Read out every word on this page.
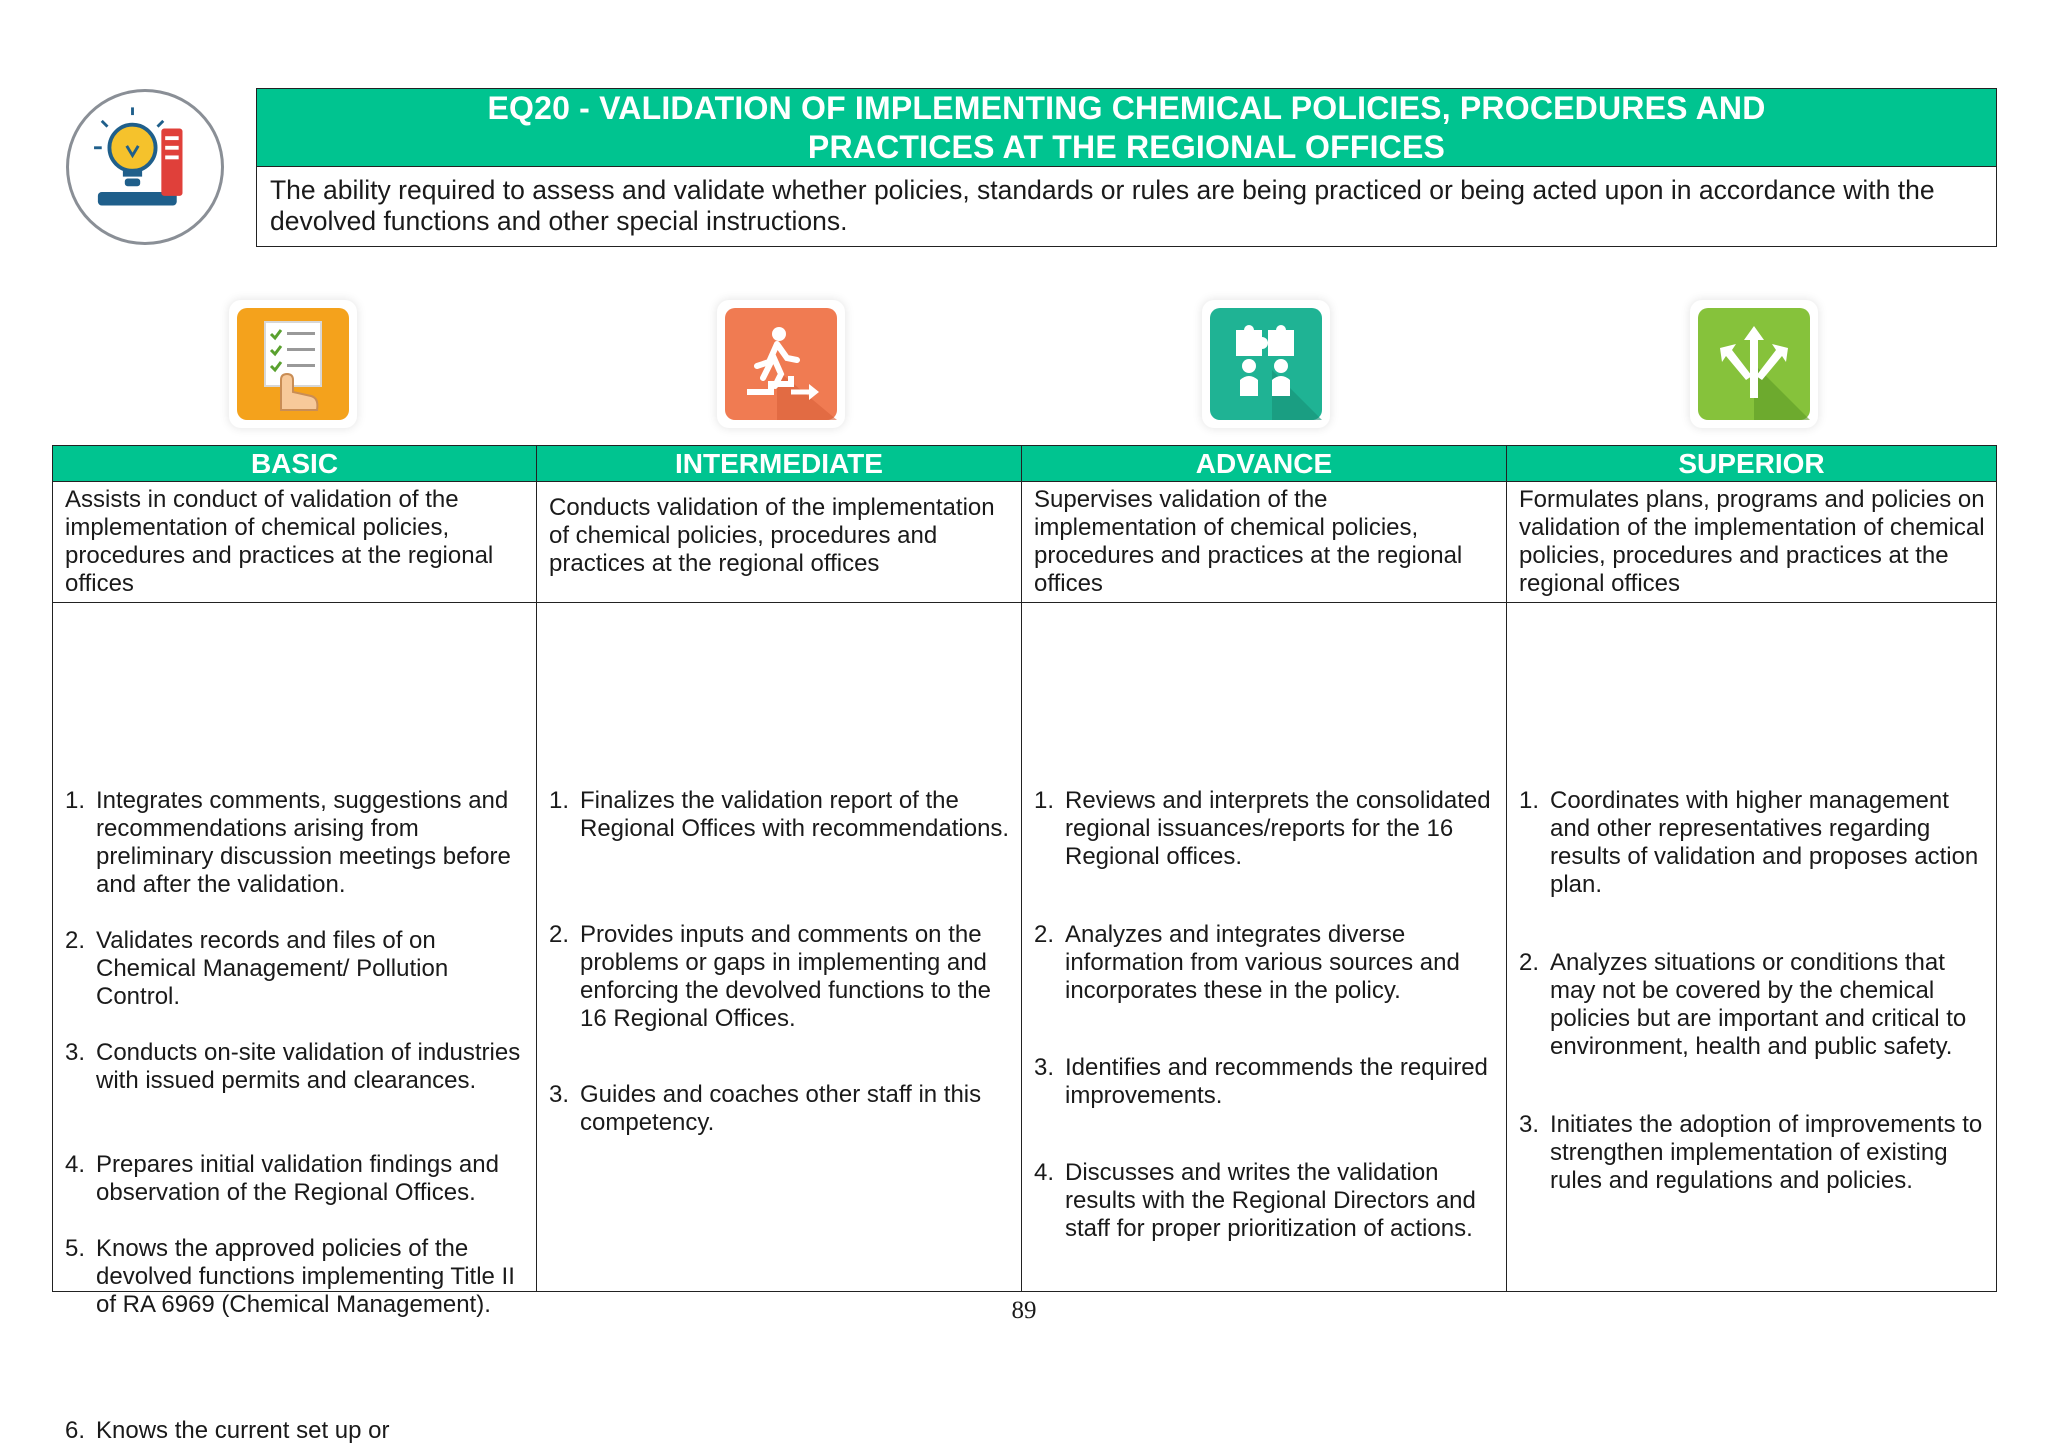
EQ20 - VALIDATION OF IMPLEMENTING CHEMICAL POLICIES, PROCEDURES AND
PRACTICES AT THE REGIONAL OFFICES
The ability required to assess and validate whether policies, standards or rules are being practiced or being acted upon in accordance with the devolved functions and other special instructions.
BASIC	INTERMEDIATE	ADVANCE	SUPERIOR
Assists in conduct of validation of the implementation of chemical policies, procedures and practices at the regional offices
Conducts validation of the implementation of chemical policies, procedures and practices at the regional offices
Supervises validation of the implementation of chemical policies, procedures and practices at the regional offices
Formulates plans, programs and policies on validation of the implementation of chemical policies, procedures and practices at the regional offices
1. Integrates comments, suggestions and recommendations arising from preliminary discussion meetings before and after the validation.
2. Validates records and files of on Chemical Management/ Pollution Control.
3. Conducts on-site validation of industries with issued permits and clearances.
4. Prepares initial validation findings and observation of the Regional Offices.
5. Knows the approved policies of the devolved functions implementing Title II of RA 6969 (Chemical Management).
6. Knows the current set up or
1. Finalizes the validation report of the Regional Offices with recommendations.
2. Provides inputs and comments on the problems or gaps in implementing and enforcing the devolved functions to the 16 Regional Offices.
3. Guides and coaches other staff in this competency.
1. Reviews and interprets the consolidated regional issuances/reports for the 16 Regional offices.
2. Analyzes and integrates diverse information from various sources and incorporates these in the policy.
3. Identifies and recommends the required improvements.
4. Discusses and writes the validation results with the Regional Directors and staff for proper prioritization of actions.
1. Coordinates with higher management and other representatives regarding results of validation and proposes action plan.
2. Analyzes situations or conditions that may not be covered by the chemical policies but are important and critical to environment, health and public safety.
3. Initiates the adoption of improvements to strengthen implementation of existing rules and regulations and policies.
89
